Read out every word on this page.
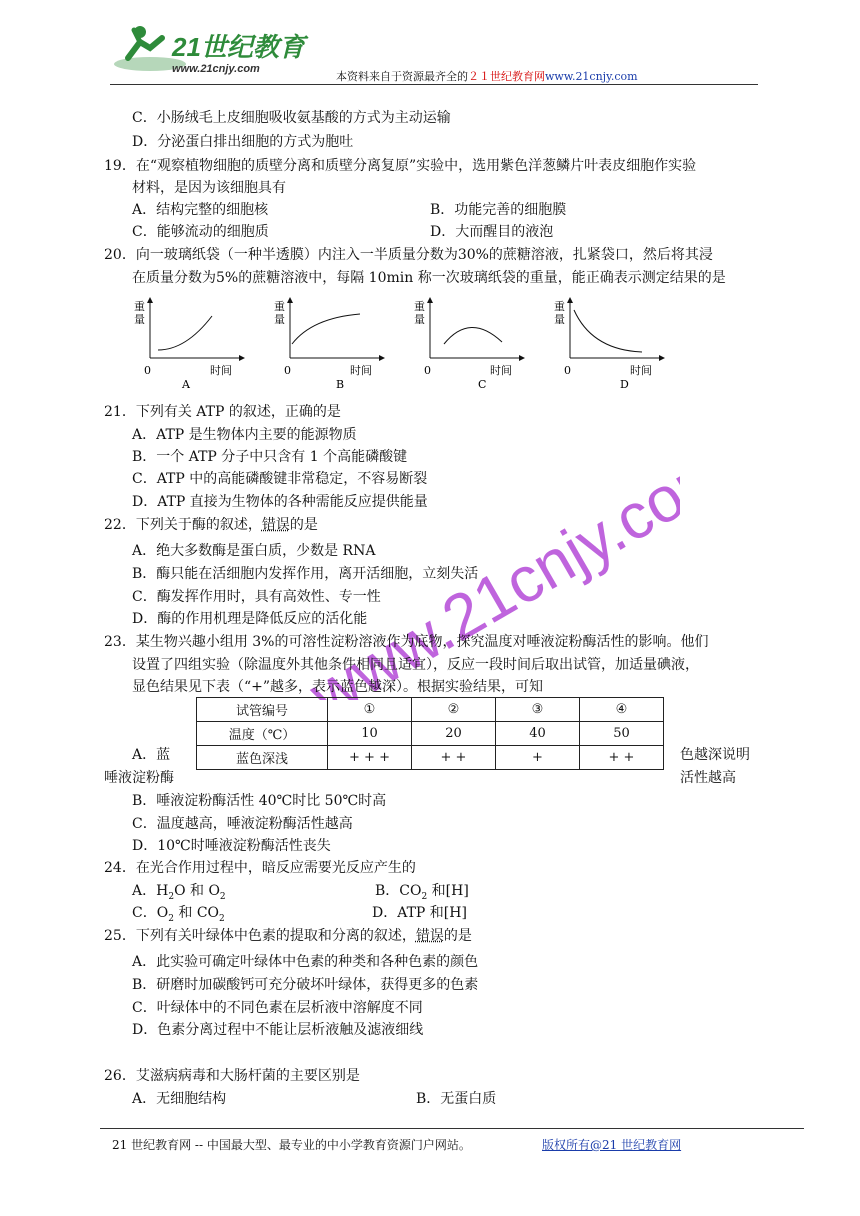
21世纪教育
www.21cnjy.com
本资料来自于资源最齐全的２１世纪教育网www.21cnjy.com
www.21cnjy.com
C．小肠绒毛上皮细胞吸收氨基酸的方式为主动运输
D．分泌蛋白排出细胞的方式为胞吐
19．在“观察植物细胞的质壁分离和质壁分离复原”实验中，选用紫色洋葱鳞片叶表皮细胞作实验
材料，是因为该细胞具有
A．结构完整的细胞核	B．功能完善的细胞膜
C．能够流动的细胞质	D．大而醒目的液泡
20．向一玻璃纸袋（一种半透膜）内注入一半质量分数为30%的蔗糖溶液，扎紧袋口，然后将其浸
在质量分数为5%的蔗糖溶液中，每隔 10min 称一次玻璃纸袋的重量，能正确表示测定结果的是
重
量
0	时间
A
重
量
0	时间
B
重
量
0	时间
C
重
量
0	时间
D
21．下列有关 ATP 的叙述，正确的是
A．ATP 是生物体内主要的能源物质
B．一个 ATP 分子中只含有 1 个高能磷酸键
C．ATP 中的高能磷酸键非常稳定，不容易断裂
D．ATP 直接为生物体的各种需能反应提供能量
22．下列关于酶的叙述，错误的是
A．绝大多数酶是蛋白质，少数是 RNA
B．酶只能在活细胞内发挥作用，离开活细胞，立刻失活
C．酶发挥作用时，具有高效性、专一性
D．酶的作用机理是降低反应的活化能
23．某生物兴趣小组用 3%的可溶性淀粉溶液作为底物，探究温度对唾液淀粉酶活性的影响。他们
设置了四组实验（除温度外其他条件相同且适宜），反应一段时间后取出试管，加适量碘液，
显色结果见下表（“+”越多，表示蓝色越深）。根据实验结果，可知
试管编号	①	②	③	④
温度（℃）	10	20	40	50
蓝色深浅	+ + +	+ +	+	+ +
A．蓝
唾液淀粉酶
色越深说明
活性越高
B．唾液淀粉酶活性 40℃时比 50℃时高
C．温度越高，唾液淀粉酶活性越高
D．10℃时唾液淀粉酶活性丧失
24．在光合作用过程中，暗反应需要光反应产生的
A．$H_2O$ 和 $O_2$	B．$CO_2$ 和[H]
C．$O_2$ 和 $CO_2$	D．ATP 和[H]
25．下列有关叶绿体中色素的提取和分离的叙述，错误的是
A．此实验可确定叶绿体中色素的种类和各种色素的颜色
B．研磨时加碳酸钙可充分破坏叶绿体，获得更多的色素
C．叶绿体中的不同色素在层析液中溶解度不同
D．色素分离过程中不能让层析液触及滤液细线
26．艾滋病病毒和大肠杆菌的主要区别是
A．无细胞结构	B．无蛋白质
21 世纪教育网 -- 中国最大型、最专业的中小学教育资源门户网站。	版权所有@21 世纪教育网
